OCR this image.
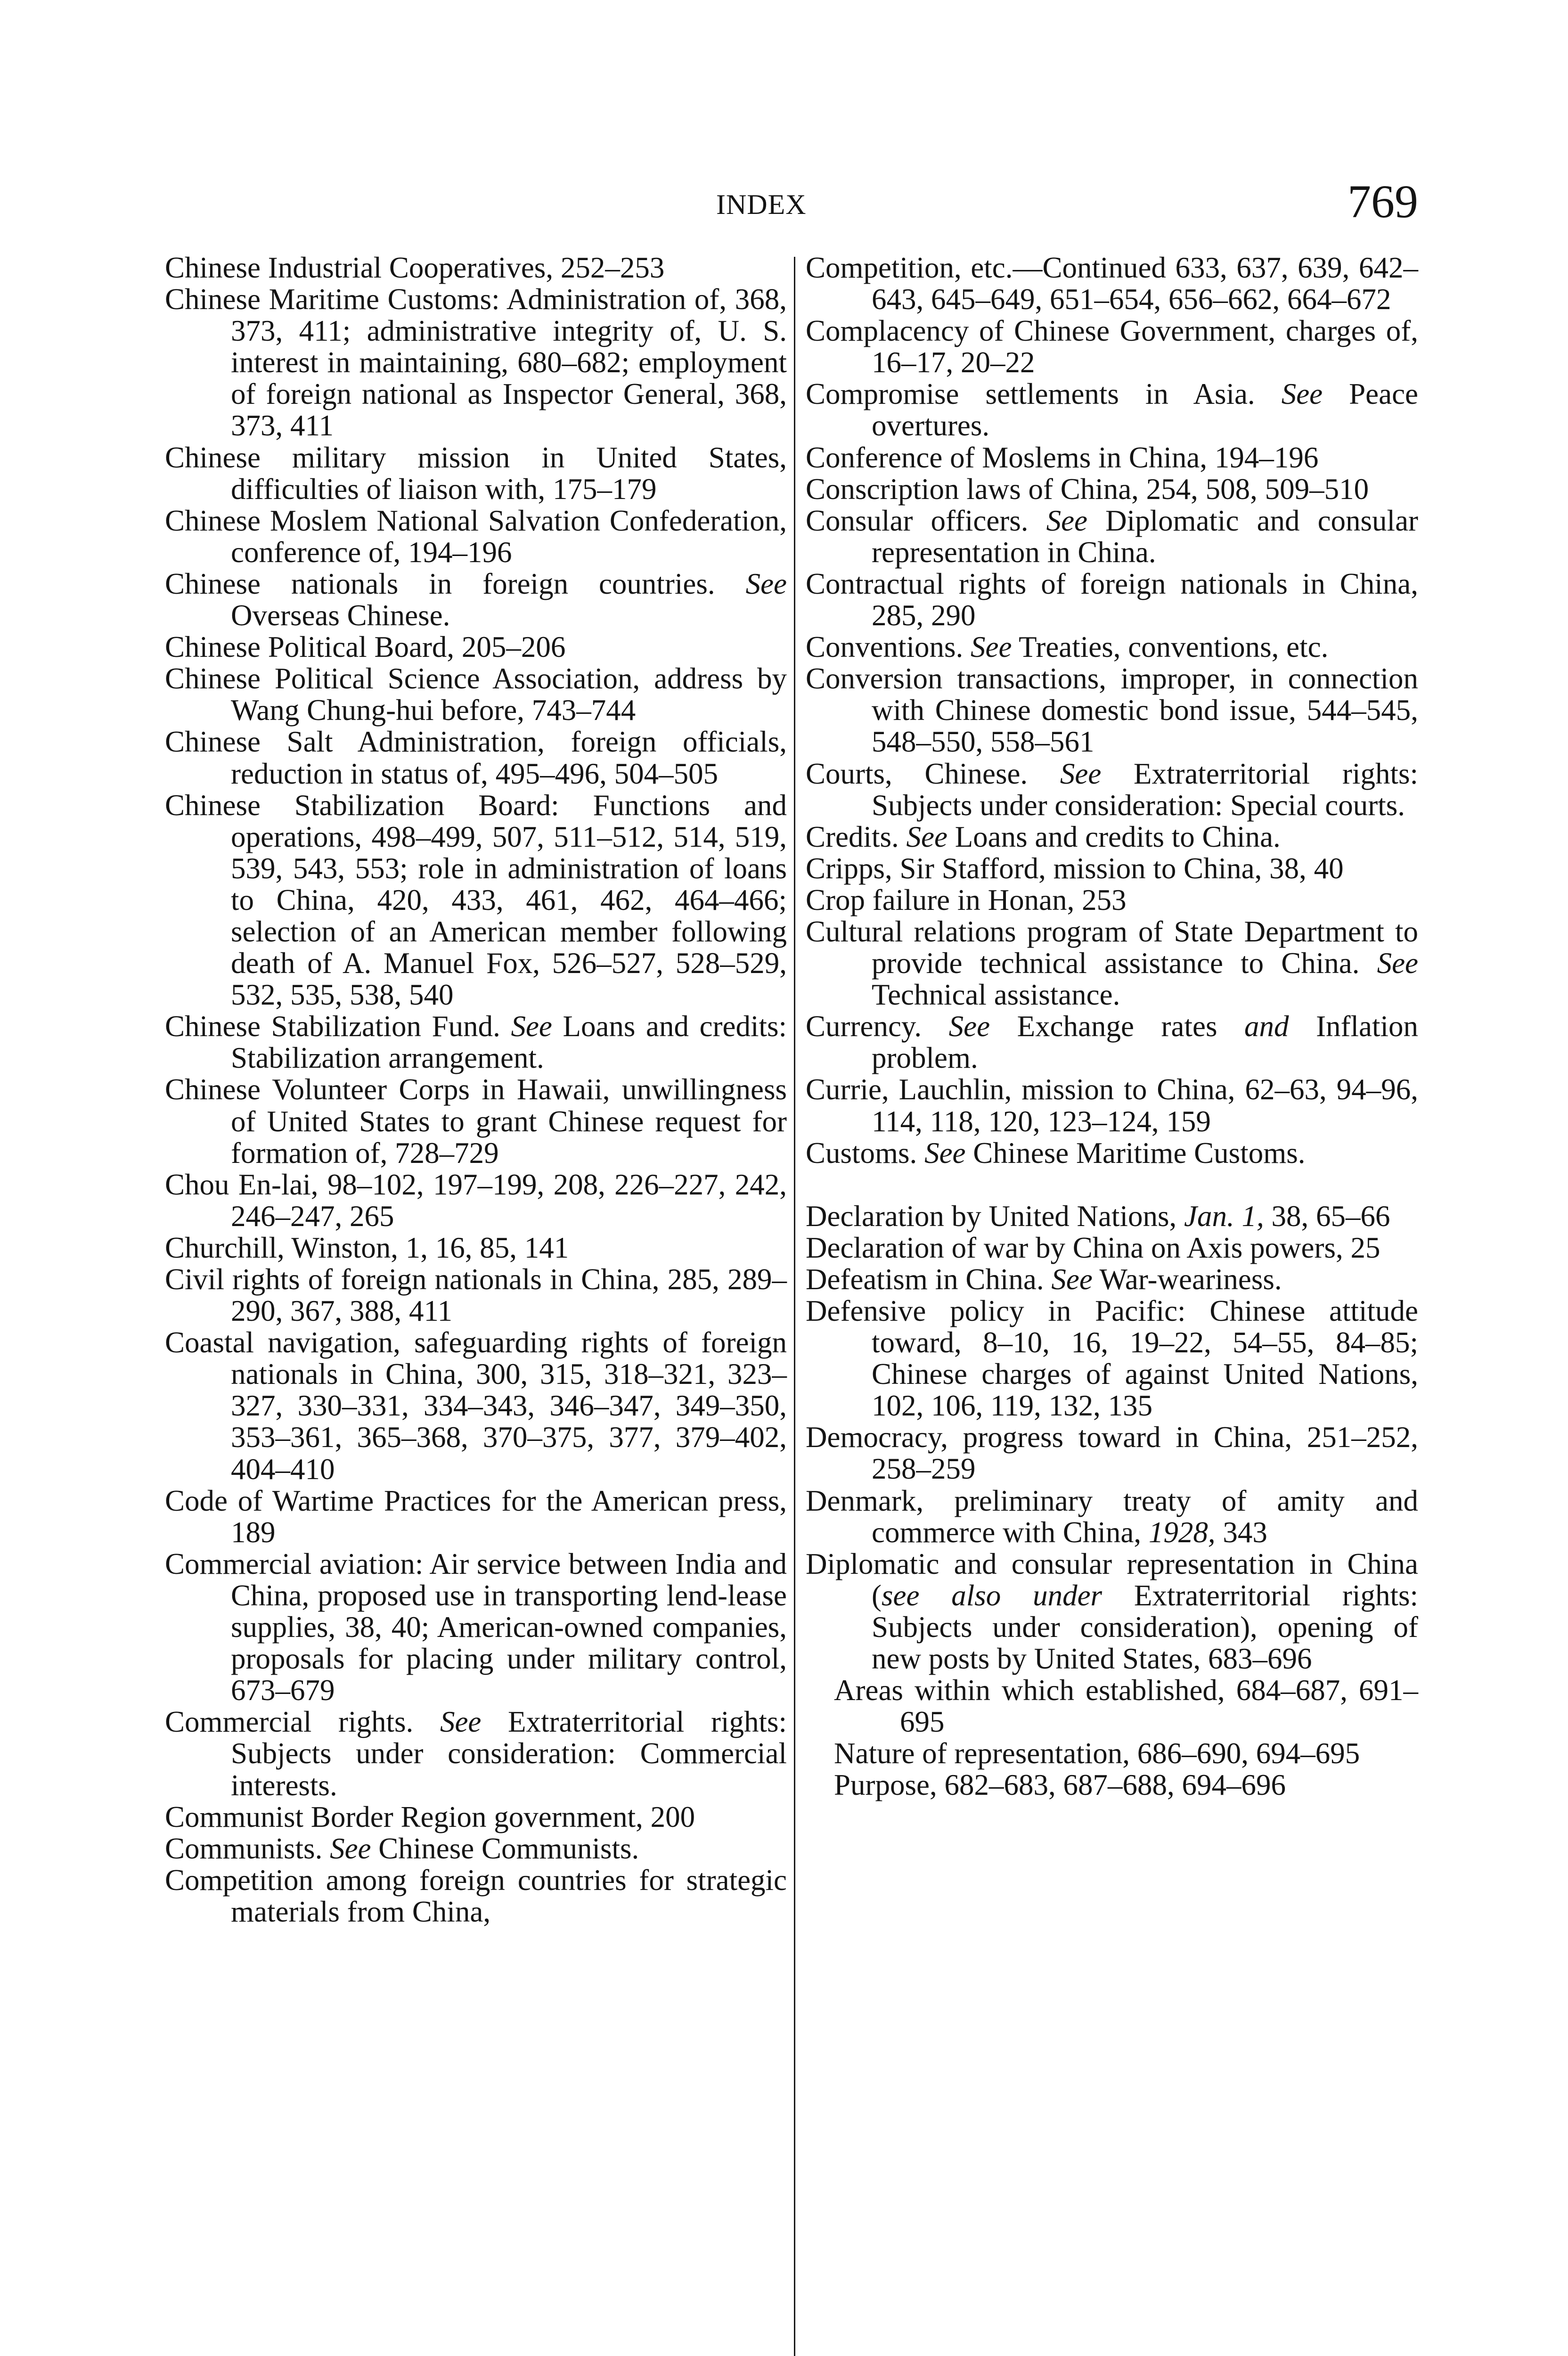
INDEX	769

Chinese Industrial Cooperatives, 252–253

Chinese Maritime Customs: Administration of, 368, 373, 411; administrative integrity of, U. S. interest in maintaining, 680–682; employment of foreign national as Inspector General, 368, 373, 411

Chinese military mission in United States, difficulties of liaison with, 175–179

Chinese Moslem National Salvation Confederation, conference of, 194–196

Chinese nationals in foreign countries. See Overseas Chinese.

Chinese Political Board, 205–206

Chinese Political Science Association, address by Wang Chung-hui before, 743–744

Chinese Salt Administration, foreign officials, reduction in status of, 495–496, 504–505

Chinese Stabilization Board: Functions and operations, 498–499, 507, 511–512, 514, 519, 539, 543, 553; role in administration of loans to China, 420, 433, 461, 462, 464–466; selection of an American member following death of A. Manuel Fox, 526–527, 528–529, 532, 535, 538, 540

Chinese Stabilization Fund. See Loans and credits: Stabilization arrangement.

Chinese Volunteer Corps in Hawaii, unwillingness of United States to grant Chinese request for formation of, 728–729

Chou En-lai, 98–102, 197–199, 208, 226–227, 242, 246–247, 265

Churchill, Winston, 1, 16, 85, 141

Civil rights of foreign nationals in China, 285, 289–290, 367, 388, 411

Coastal navigation, safeguarding rights of foreign nationals in China, 300, 315, 318–321, 323–327, 330–331, 334–343, 346–347, 349–350, 353–361, 365–368, 370–375, 377, 379–402, 404–410

Code of Wartime Practices for the American press, 189

Commercial aviation: Air service between India and China, proposed use in transporting lend-lease supplies, 38, 40; American-owned companies, proposals for placing under military control, 673–679

Commercial rights. See Extraterritorial rights: Subjects under consideration: Commercial interests.

Communist Border Region government, 200

Communists. See Chinese Communists.

Competition among foreign countries for strategic materials from China,

Competition, etc.—Continued 633, 637, 639, 642–643, 645–649, 651–654, 656–662, 664–672

Complacency of Chinese Government, charges of, 16–17, 20–22

Compromise settlements in Asia. See Peace overtures.

Conference of Moslems in China, 194–196

Conscription laws of China, 254, 508, 509–510

Consular officers. See Diplomatic and consular representation in China.

Contractual rights of foreign nationals in China, 285, 290

Conventions. See Treaties, conventions, etc.

Conversion transactions, improper, in connection with Chinese domestic bond issue, 544–545, 548–550, 558–561

Courts, Chinese. See Extraterritorial rights: Subjects under consideration: Special courts.

Credits. See Loans and credits to China.

Cripps, Sir Stafford, mission to China, 38, 40

Crop failure in Honan, 253

Cultural relations program of State Department to provide technical assistance to China. See Technical assistance.

Currency. See Exchange rates and Inflation problem.

Currie, Lauchlin, mission to China, 62–63, 94–96, 114, 118, 120, 123–124, 159

Customs. See Chinese Maritime Customs.

Declaration by United Nations, Jan. 1, 38, 65–66

Declaration of war by China on Axis powers, 25

Defeatism in China. See War-weariness.

Defensive policy in Pacific: Chinese attitude toward, 8–10, 16, 19–22, 54–55, 84–85; Chinese charges of against United Nations, 102, 106, 119, 132, 135

Democracy, progress toward in China, 251–252, 258–259

Denmark, preliminary treaty of amity and commerce with China, 1928, 343

Diplomatic and consular representation in China (see also under Extraterritorial rights: Subjects under consideration), opening of new posts by United States, 683–696

Areas within which established, 684–687, 691–695

Nature of representation, 686–690, 694–695

Purpose, 682–683, 687–688, 694–696
